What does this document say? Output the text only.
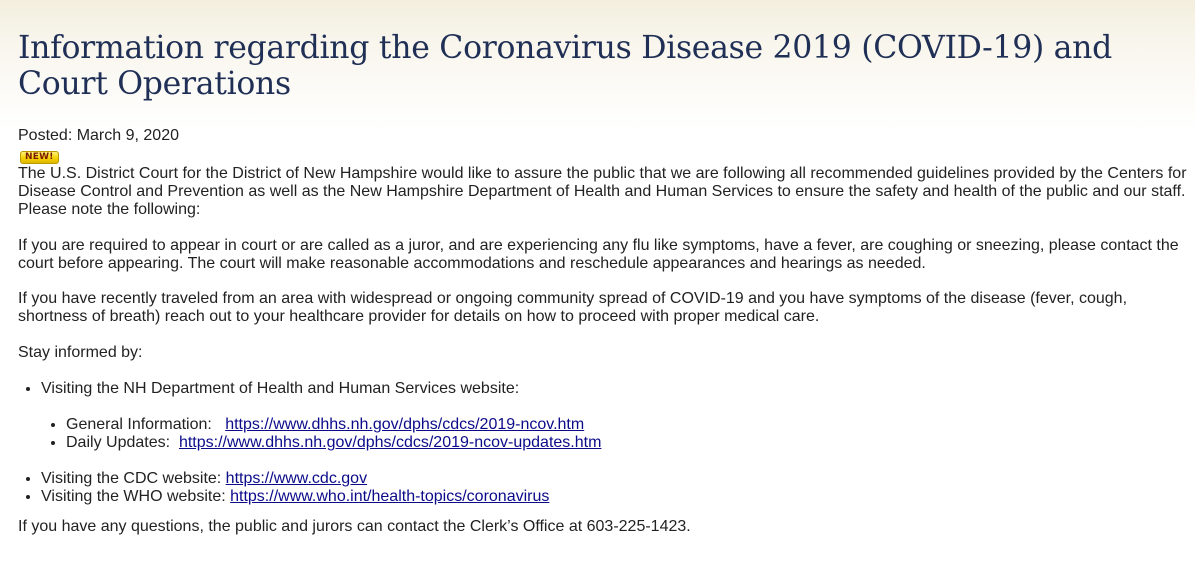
Information regarding the Coronavirus Disease 2019 (COVID-19) and Court Operations
Posted: March 9, 2020
NEW!

The U.S. District Court for the District of New Hampshire would like to assure the public that we are following all recommended guidelines provided by the Centers for Disease Control and Prevention as well as the New Hampshire Department of Health and Human Services to ensure the safety and health of the public and our staff. Please note the following:

If you are required to appear in court or are called as a juror, and are experiencing any flu like symptoms, have a fever, are coughing or sneezing, please contact the court before appearing. The court will make reasonable accommodations and reschedule appearances and hearings as needed.

If you have recently traveled from an area with widespread or ongoing community spread of COVID-19 and you have symptoms of the disease (fever, cough, shortness of breath) reach out to your healthcare provider for details on how to proceed with proper medical care.

Stay informed by:

• Visiting the NH Department of Health and Human Services website:
• General Information:   https://www.dhhs.nh.gov/dphs/cdcs/2019-ncov.htm
• Daily Updates:  https://www.dhhs.nh.gov/dphs/cdcs/2019-ncov-updates.htm
• Visiting the CDC website: https://www.cdc.gov
• Visiting the WHO website: https://www.who.int/health-topics/coronavirus

If you have any questions, the public and jurors can contact the Clerk’s Office at 603-225-1423.
